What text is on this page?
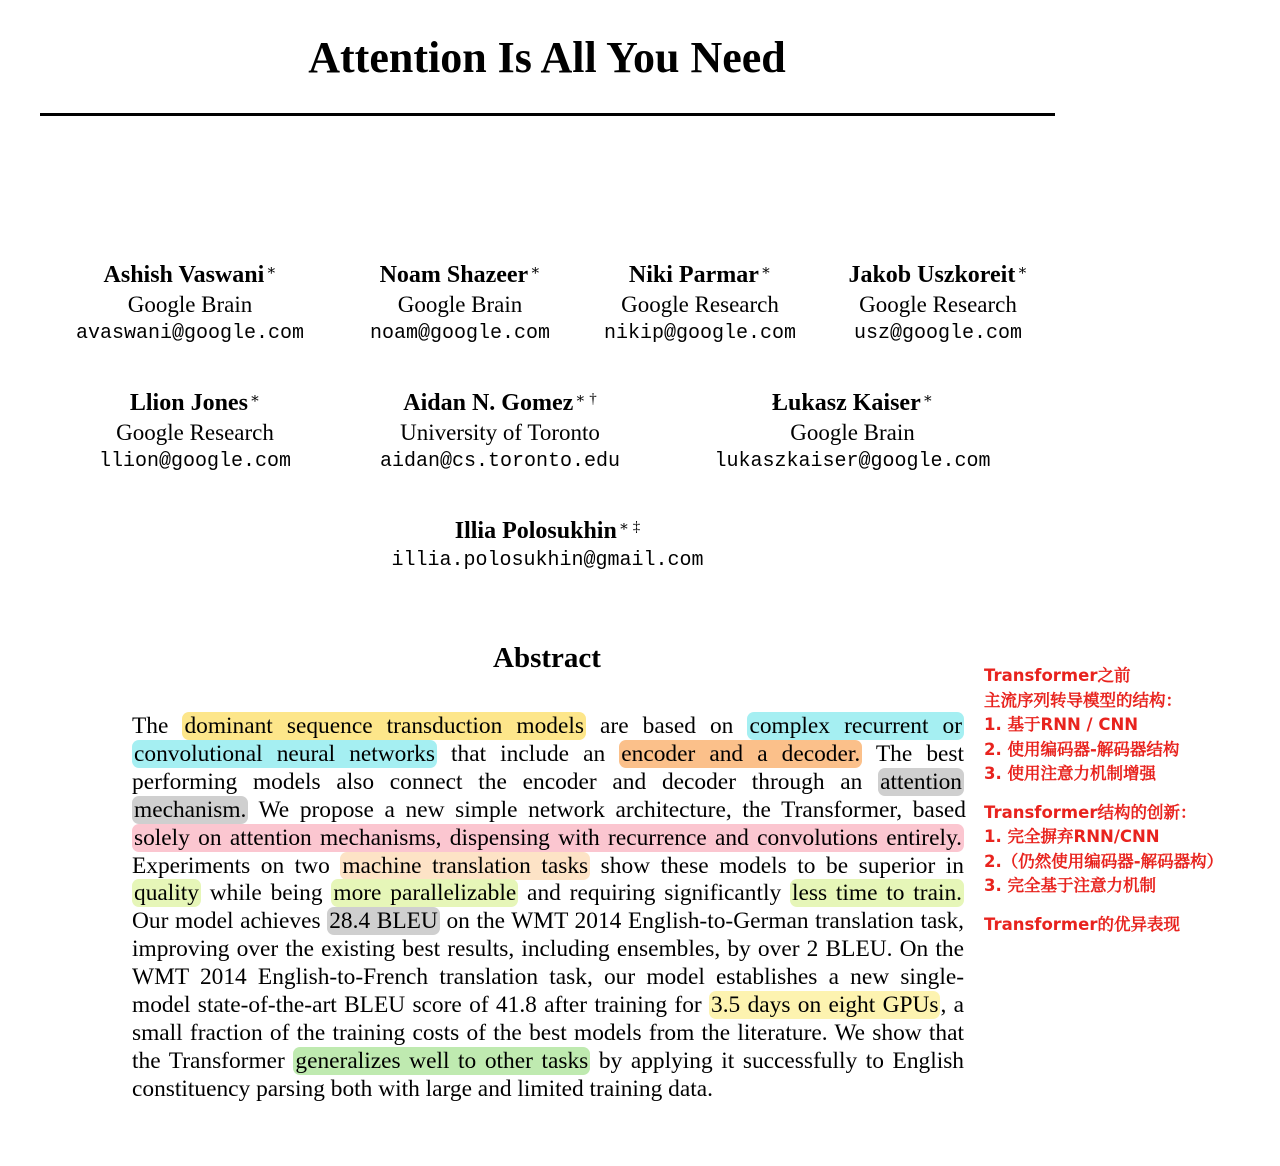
Attention Is All You Need
Ashish Vaswani ∗
Google Brain
avaswani@google.com
Noam Shazeer ∗
Google Brain
noam@google.com
Niki Parmar ∗
Google Research
nikip@google.com
Jakob Uszkoreit ∗
Google Research
usz@google.com
Llion Jones ∗
Google Research
llion@google.com
Aidan N. Gomez ∗ †
University of Toronto
aidan@cs.toronto.edu
Łukasz Kaiser ∗
Google Brain
lukaszkaiser@google.com
Illia Polosukhin ∗ ‡
illia.polosukhin@gmail.com
Abstract
The dominant sequence transduction models are based on complex recurrent or convolutional neural networks that include an encoder and a decoder. The best performing models also connect the encoder and decoder through an attention mechanism. We propose a new simple network architecture, the Transformer, based solely on attention mechanisms, dispensing with recurrence and convolutions entirely. Experiments on two machine translation tasks show these models to be superior in quality while being more parallelizable and requiring significantly less time to train. Our model achieves 28.4 BLEU on the WMT 2014 English-to-German translation task, improving over the existing best results, including ensembles, by over 2 BLEU. On the WMT 2014 English-to-French translation task, our model establishes a new single-model state-of-the-art BLEU score of 41.8 after training for 3.5 days on eight GPUs, a small fraction of the training costs of the best models from the literature. We show that the Transformer generalizes well to other tasks by applying it successfully to English constituency parsing both with large and limited training data.
Transformer之前
主流序列转导模型的结构：
1. 基于RNN / CNN
2. 使用编码器-解码器结构
3. 使用注意力机制增强
Transformer结构的创新：
1. 完全摒弃RNN/CNN
2.（仍然使用编码器-解码器构）
3. 完全基于注意力机制
Transformer的优异表现
